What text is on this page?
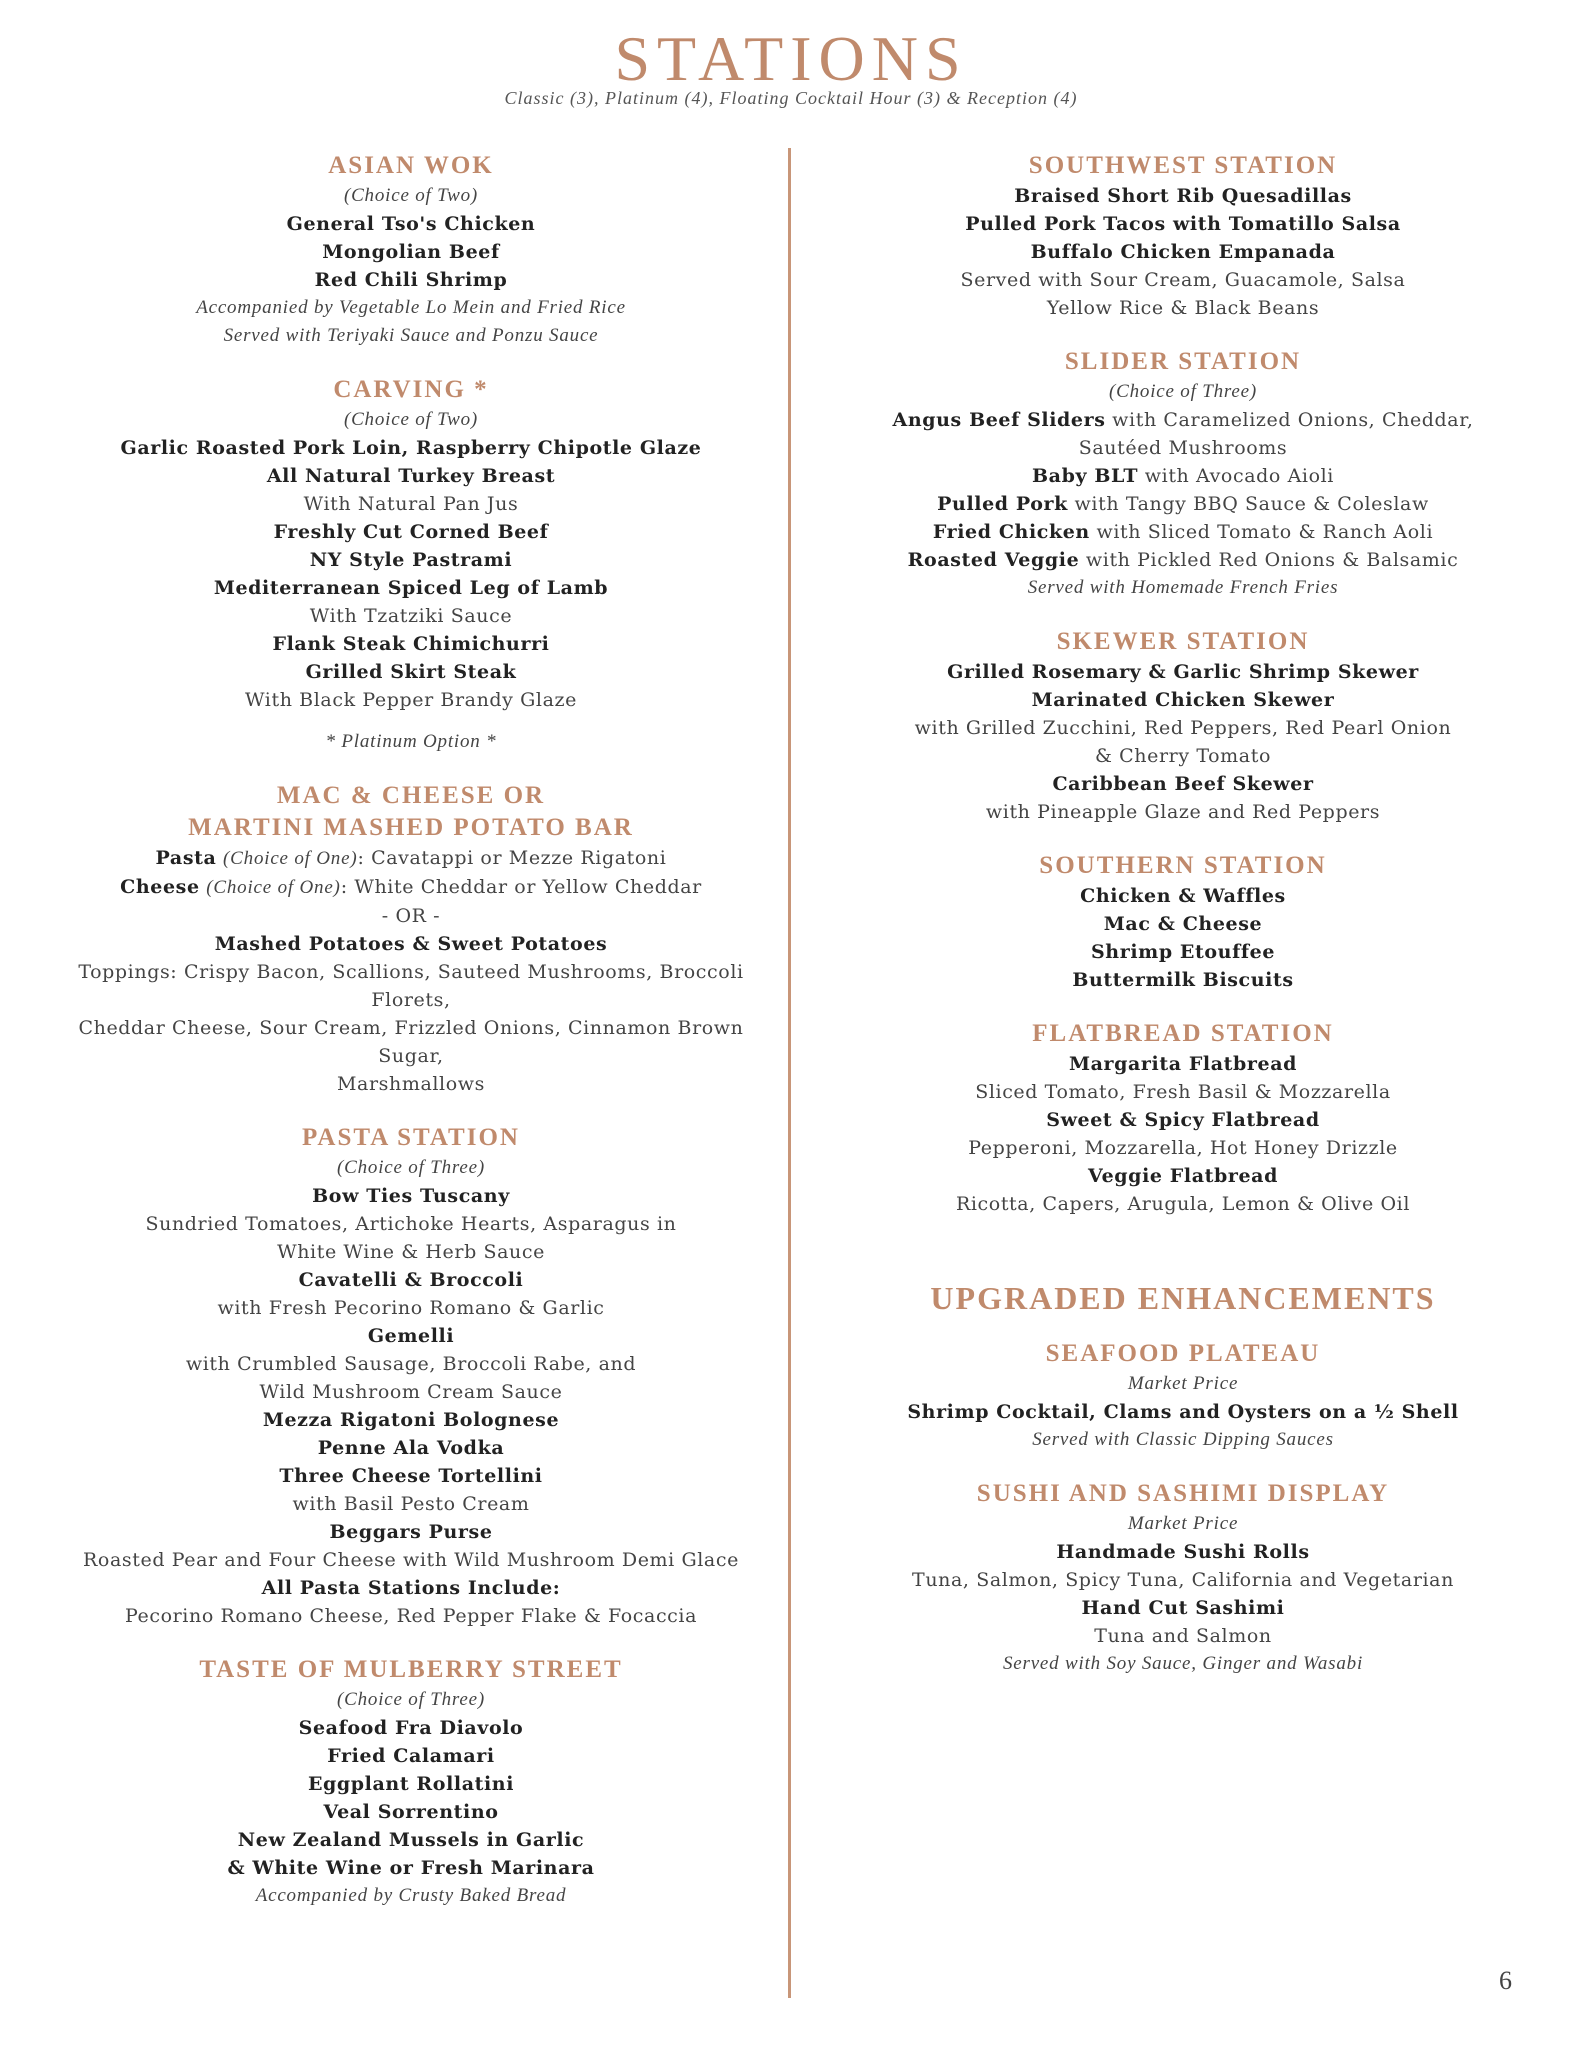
STATIONS
Classic (3), Platinum (4), Floating Cocktail Hour (3) & Reception (4)
ASIAN WOK
(Choice of Two)
General Tso's Chicken
Mongolian Beef
Red Chili Shrimp
Accompanied by Vegetable Lo Mein and Fried Rice
Served with Teriyaki Sauce and Ponzu Sauce
CARVING *
(Choice of Two)
Garlic Roasted Pork Loin, Raspberry Chipotle Glaze
All Natural Turkey Breast
With Natural Pan Jus
Freshly Cut Corned Beef
NY Style Pastrami
Mediterranean Spiced Leg of Lamb
With Tzatziki Sauce
Flank Steak Chimichurri
Grilled Skirt Steak
With Black Pepper Brandy Glaze
* Platinum Option *
MAC & CHEESE OR
MARTINI MASHED POTATO BAR
Pasta (Choice of One): Cavatappi or Mezze Rigatoni
Cheese (Choice of One): White Cheddar or Yellow Cheddar
- OR -
Mashed Potatoes & Sweet Potatoes
Toppings: Crispy Bacon, Scallions, Sauteed Mushrooms, Broccoli Florets,
Cheddar Cheese, Sour Cream, Frizzled Onions, Cinnamon Brown Sugar,
Marshmallows
PASTA STATION
(Choice of Three)
Bow Ties Tuscany
Sundried Tomatoes, Artichoke Hearts, Asparagus in
White Wine & Herb Sauce
Cavatelli & Broccoli
with Fresh Pecorino Romano & Garlic
Gemelli
with Crumbled Sausage, Broccoli Rabe, and
Wild Mushroom Cream Sauce
Mezza Rigatoni Bolognese
Penne Ala Vodka
Three Cheese Tortellini
with Basil Pesto Cream
Beggars Purse
Roasted Pear and Four Cheese with Wild Mushroom Demi Glace
All Pasta Stations Include:
Pecorino Romano Cheese, Red Pepper Flake & Focaccia
TASTE OF MULBERRY STREET
(Choice of Three)
Seafood Fra Diavolo
Fried Calamari
Eggplant Rollatini
Veal Sorrentino
New Zealand Mussels in Garlic
& White Wine or Fresh Marinara
Accompanied by Crusty Baked Bread
SOUTHWEST STATION
Braised Short Rib Quesadillas
Pulled Pork Tacos with Tomatillo Salsa
Buffalo Chicken Empanada
Served with Sour Cream, Guacamole, Salsa
Yellow Rice & Black Beans
SLIDER STATION
(Choice of Three)
Angus Beef Sliders with Caramelized Onions, Cheddar,
Sautéed Mushrooms
Baby BLT with Avocado Aioli
Pulled Pork with Tangy BBQ Sauce & Coleslaw
Fried Chicken with Sliced Tomato & Ranch Aoli
Roasted Veggie with Pickled Red Onions & Balsamic
Served with Homemade French Fries
SKEWER STATION
Grilled Rosemary & Garlic Shrimp Skewer
Marinated Chicken Skewer
with Grilled Zucchini, Red Peppers, Red Pearl Onion
& Cherry Tomato
Caribbean Beef Skewer
with Pineapple Glaze and Red Peppers
SOUTHERN STATION
Chicken & Waffles
Mac & Cheese
Shrimp Etouffee
Buttermilk Biscuits
FLATBREAD STATION
Margarita Flatbread
Sliced Tomato, Fresh Basil & Mozzarella
Sweet & Spicy Flatbread
Pepperoni, Mozzarella, Hot Honey Drizzle
Veggie Flatbread
Ricotta, Capers, Arugula, Lemon & Olive Oil
UPGRADED ENHANCEMENTS
SEAFOOD PLATEAU
Market Price
Shrimp Cocktail, Clams and Oysters on a ½ Shell
Served with Classic Dipping Sauces
SUSHI AND SASHIMI DISPLAY
Market Price
Handmade Sushi Rolls
Tuna, Salmon, Spicy Tuna, California and Vegetarian
Hand Cut Sashimi
Tuna and Salmon
Served with Soy Sauce, Ginger and Wasabi
6
